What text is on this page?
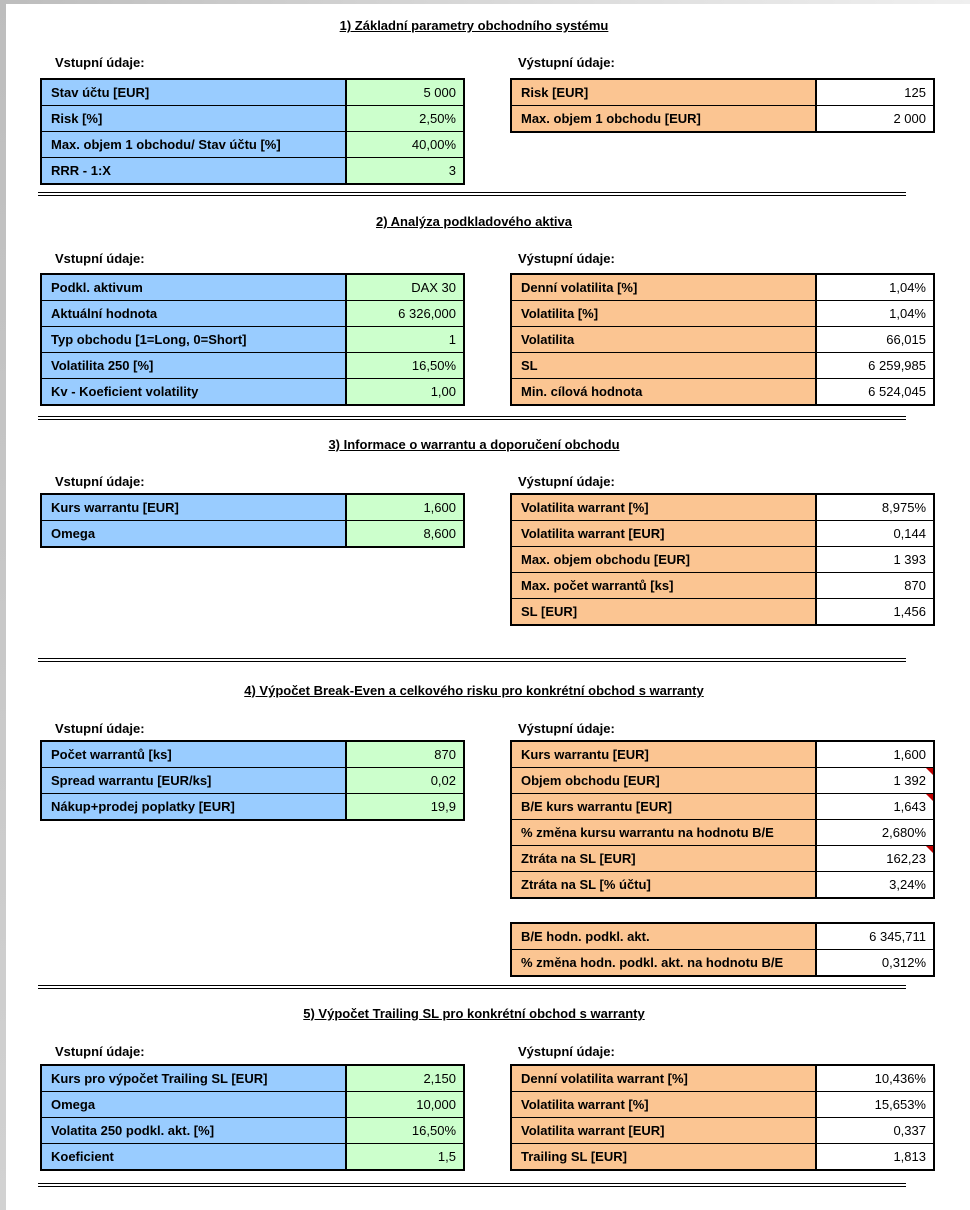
1) Základní parametry obchodního systému
Vstupní údaje:	Výstupní údaje:
Stav účtu [EUR]	5 000
Risk [%]	2,50%
Max. objem 1 obchodu/ Stav účtu [%]	40,00%
RRR - 1:X	3
Risk [EUR]	125
Max. objem 1 obchodu [EUR]	2 000
2) Analýza podkladového aktiva
Vstupní údaje:	Výstupní údaje:
Podkl. aktivum	DAX 30
Aktuální hodnota	6 326,000
Typ obchodu [1=Long, 0=Short]	1
Volatilita 250 [%]	16,50%
Kv - Koeficient volatility	1,00
Denní volatilita [%]	1,04%
Volatilita [%]	1,04%
Volatilita	66,015
SL	6 259,985
Min. cílová hodnota	6 524,045
3) Informace o warrantu a doporučení obchodu
Vstupní údaje:	Výstupní údaje:
Kurs warrantu [EUR]	1,600
Omega	8,600
Volatilita warrant [%]	8,975%
Volatilita warrant [EUR]	0,144
Max. objem obchodu [EUR]	1 393
Max. počet warrantů [ks]	870
SL [EUR]	1,456
4) Výpočet Break-Even a celkového risku pro konkrétní obchod s warranty
Vstupní údaje:	Výstupní údaje:
Počet warrantů [ks]	870
Spread warrantu [EUR/ks]	0,02
Nákup+prodej poplatky [EUR]	19,9
Kurs warrantu [EUR]	1,600
Objem obchodu [EUR]	1 392

B/E kurs warrantu [EUR]	1,643

% změna kursu warrantu na hodnotu B/E	2,680%
Ztráta na SL [EUR]	162,23

Ztráta na SL [% účtu]	3,24%
B/E hodn. podkl. akt.	6 345,711
% změna hodn. podkl. akt. na hodnotu B/E	0,312%
5) Výpočet Trailing SL pro konkrétní obchod s warranty
Vstupní údaje:	Výstupní údaje:
Kurs pro výpočet Trailing SL [EUR]	2,150
Omega	10,000
Volatita 250 podkl. akt. [%]	16,50%
Koeficient	1,5
Denní volatilita warrant [%]	10,436%
Volatilita warrant [%]	15,653%
Volatilita warrant [EUR]	0,337
Trailing SL [EUR]	1,813
